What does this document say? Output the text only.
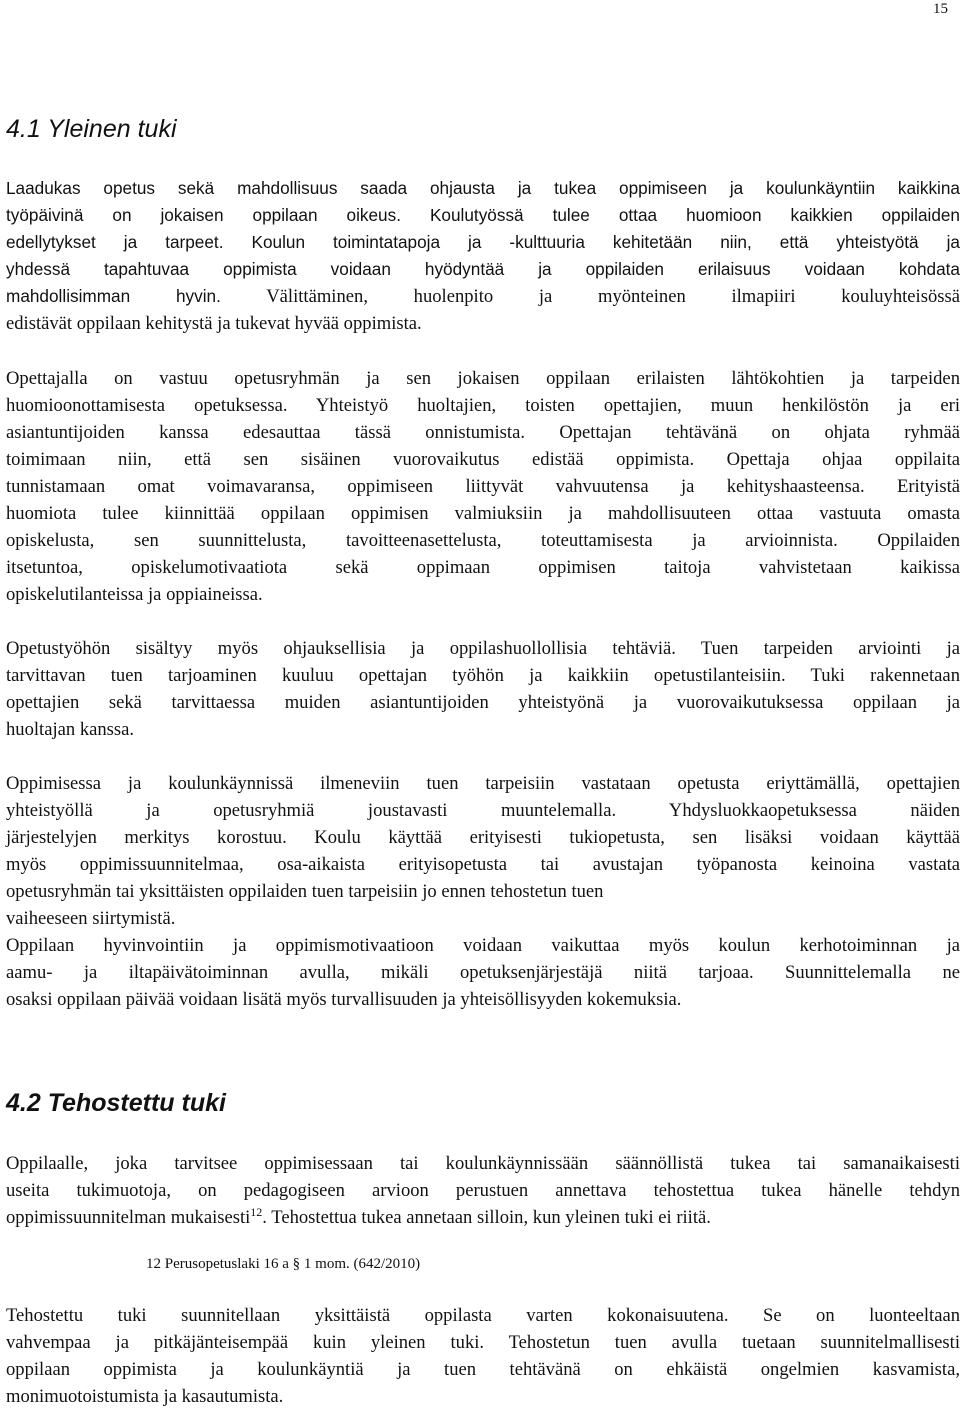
15
4.1 Yleinen tuki
Laadukas opetus sekä mahdollisuus saada ohjausta ja tukea oppimiseen ja koulunkäyntiin kaikkina
työpäivinä on jokaisen oppilaan oikeus. Koulutyössä tulee ottaa huomioon kaikkien oppilaiden
edellytykset ja tarpeet. Koulun toimintatapoja ja -kulttuuria kehitetään niin, että yhteistyötä ja
yhdessä tapahtuvaa oppimista voidaan hyödyntää ja oppilaiden erilaisuus voidaan kohdata
mahdollisimman hyvin. Välittäminen, huolenpito ja myönteinen ilmapiiri kouluyhteisössä
edistävät oppilaan kehitystä ja tukevat hyvää oppimista.
Opettajalla on vastuu opetusryhmän ja sen jokaisen oppilaan erilaisten lähtökohtien ja tarpeiden
huomioonottamisesta opetuksessa. Yhteistyö huoltajien, toisten opettajien, muun henkilöstön ja eri
asiantuntijoiden kanssa edesauttaa tässä onnistumista. Opettajan tehtävänä on ohjata ryhmää
toimimaan niin, että sen sisäinen vuorovaikutus edistää oppimista. Opettaja ohjaa oppilaita
tunnistamaan omat voimavaransa, oppimiseen liittyvät vahvuutensa ja kehityshaasteensa. Erityistä
huomiota tulee kiinnittää oppilaan oppimisen valmiuksiin ja mahdollisuuteen ottaa vastuuta omasta
opiskelusta, sen suunnittelusta, tavoitteenasettelusta, toteuttamisesta ja arvioinnista. Oppilaiden
itsetuntoa, opiskelumotivaatiota sekä oppimaan oppimisen taitoja vahvistetaan kaikissa
opiskelutilanteissa ja oppiaineissa.
Opetustyöhön sisältyy myös ohjauksellisia ja oppilashuollollisia tehtäviä. Tuen tarpeiden arviointi ja
tarvittavan tuen tarjoaminen kuuluu opettajan työhön ja kaikkiin opetustilanteisiin. Tuki rakennetaan
opettajien sekä tarvittaessa muiden asiantuntijoiden yhteistyönä ja vuorovaikutuksessa oppilaan ja
huoltajan kanssa.
Oppimisessa ja koulunkäynnissä ilmeneviin tuen tarpeisiin vastataan opetusta eriyttämällä, opettajien
yhteistyöllä ja opetusryhmiä joustavasti muuntelemalla. Yhdysluokkaopetuksessa näiden
järjestelyjen merkitys korostuu. Koulu käyttää erityisesti tukiopetusta, sen lisäksi voidaan käyttää
myös oppimissuunnitelmaa, osa-aikaista erityisopetusta tai avustajan työpanosta keinoina vastata
opetusryhmän tai yksittäisten oppilaiden tuen tarpeisiin jo ennen tehostetun tuen
vaiheeseen siirtymistä.
Oppilaan hyvinvointiin ja oppimismotivaatioon voidaan vaikuttaa myös koulun kerhotoiminnan ja
aamu- ja iltapäivätoiminnan avulla, mikäli opetuksenjärjestäjä niitä tarjoaa. Suunnittelemalla ne
osaksi oppilaan päivää voidaan lisätä myös turvallisuuden ja yhteisöllisyyden kokemuksia.
4.2 Tehostettu tuki
Oppilaalle, joka tarvitsee oppimisessaan tai koulunkäynnissään säännöllistä tukea tai samanaikaisesti
useita tukimuotoja, on pedagogiseen arvioon perustuen annettava tehostettua tukea hänelle tehdyn
oppimissuunnitelman mukaisesti$^{12}$. Tehostettua tukea annetaan silloin, kun yleinen tuki ei riitä.
12 Perusopetuslaki 16 a § 1 mom. (642/2010)
Tehostettu tuki suunnitellaan yksittäistä oppilasta varten kokonaisuutena. Se on luonteeltaan
vahvempaa ja pitkäjänteisempää kuin yleinen tuki. Tehostetun tuen avulla tuetaan suunnitelmallisesti
oppilaan oppimista ja koulunkäyntiä ja tuen tehtävänä on ehkäistä ongelmien kasvamista,
monimuotoistumista ja kasautumista.
